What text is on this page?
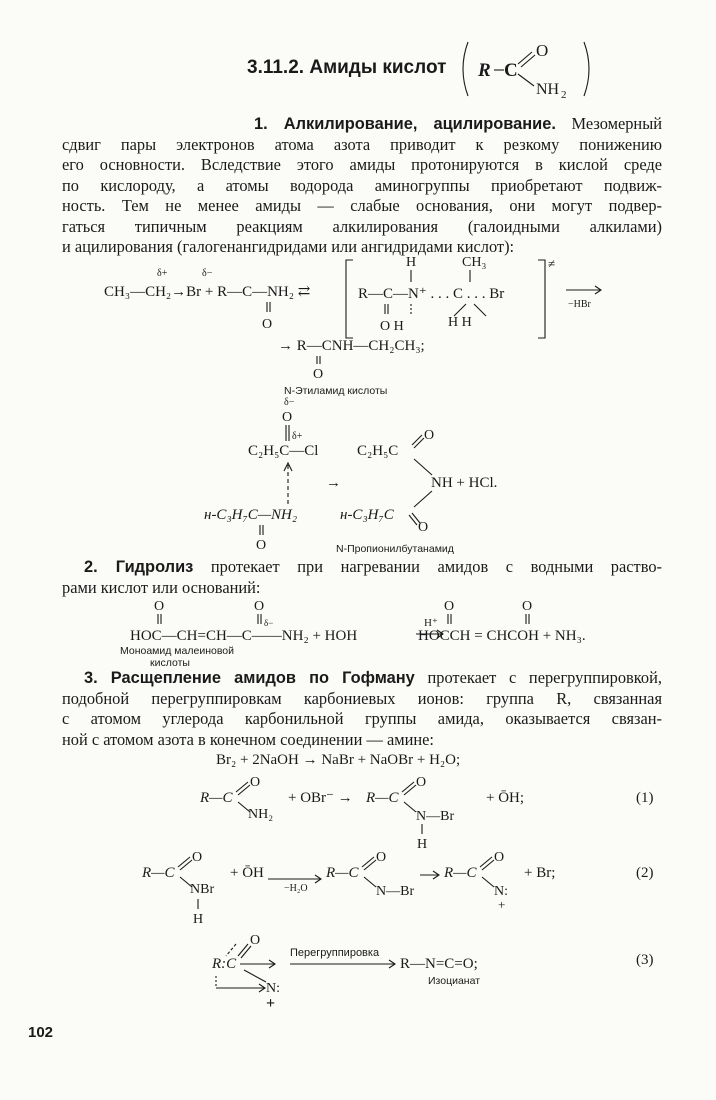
3.11.2. Амиды кислот R C
O
NH 2
1. Алкилирование, ацилирование. Мезомерный
сдвиг пары электронов атома азота приводит к резкому понижению
его основности. Вследствие этого амиды протонируются в кислой среде
по кислороду, а атомы водорода аминогруппы приобретают подвиж-
ность. Тем не менее амиды — слабые основания, они могут подвер-
гаться типичным реакциям алкилирования (галоидными алкилами)
и ацилирования (галогенангидридами или ангидридами кислот):
δ+	δ−
CH₃—CH₂→Br + R—C—NH₂ ⇄
O
H	CH₃
R—C—N⁺ . . . C . . . Br
O H	H H
≠
−HBr
→ R—CNH—CH₂CH₃;
O
N-Этиламид кислоты
δ−
O
δ+
C₂H₅C—Cl
н-C₃H₇C—NH₂
O
→
C₂H₅C
O
NH + HCl.
н-C₃H₇C
O
N-Пропионилбутанамид
2. Гидролиз протекает при нагревании амидов с водными раство-
рами кислот или оснований:
O	O
δ−
HOC—CH=CH—C——NH₂ + HOH
H⁺
O	O
HOCCH = CHCOH + NH₃.
Моноамид малеиновой
кислоты
3. Расщепление амидов по Гофману протекает с перегруппировкой,
подобной перегруппировкам карбониевых ионов: группа R, связанная
с атомом углерода карбонильной группы амида, оказывается связан-
ной с атомом азота в конечном соединении — амине:
Br₂ + 2NaOH → NaBr + NaOBr + H₂O;
R—C
O
NH₂
+ OBr⁻ → R—C
O
N—Br
H
+ ŌH;	(1)
R—C
O
NBr
H
+ ŌH
−H₂O
R—C
O
N—Br
R—C
O
N:
+
+ Br;	(2)
R:C
O
N:
+
Перегруппировка
R—N=C=O;
Изоцианат
(3)
102
